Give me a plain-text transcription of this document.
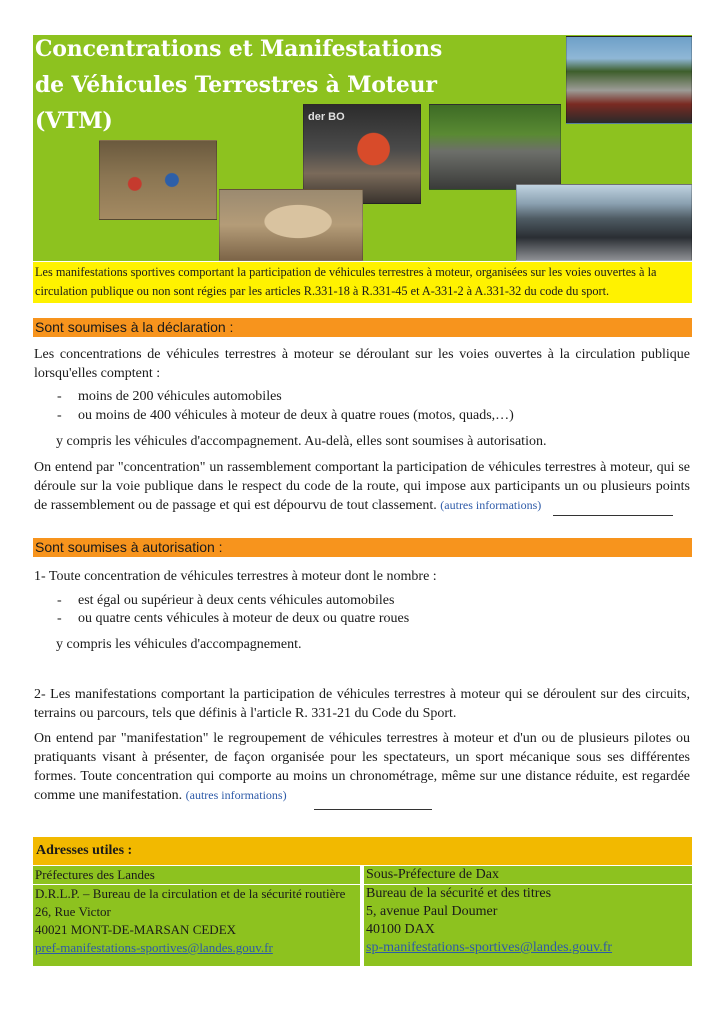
Concentrations et Manifestations
de Véhicules Terrestres à Moteur
(VTM)	der BO
Les manifestations sportives comportant la participation de véhicules terrestres à moteur, organisées sur les voies ouvertes à la circulation publique ou non sont régies par les articles R.331-18 à R.331-45 et A-331-2 à A.331-32 du code du sport.
Sont soumises à la déclaration :
Les concentrations de véhicules terrestres à moteur se déroulant sur les voies ouvertes à la circulation publique lorsqu'elles comptent :
- moins de 200 véhicules automobiles
- ou moins de 400 véhicules à moteur de deux à quatre roues (motos, quads,…)
y compris les véhicules d'accompagnement. Au-delà, elles sont soumises à autorisation.
On entend par "concentration" un rassemblement comportant la participation de véhicules terrestres à moteur, qui se déroule sur la voie publique dans le respect du code de la route, qui impose aux participants un ou plusieurs points de rassemblement ou de passage et qui est dépourvu de tout classement. (autres informations)
Sont soumises à autorisation :
1- Toute concentration de véhicules terrestres à moteur dont le nombre :
- est égal ou supérieur à deux cents véhicules automobiles
- ou quatre cents véhicules à moteur de deux ou quatre roues
y compris les véhicules d'accompagnement.
2- Les manifestations comportant la participation de véhicules terrestres à moteur qui se déroulent sur des circuits, terrains ou parcours, tels que définis à l'article R. 331-21 du Code du Sport.
On entend par "manifestation" le regroupement de véhicules terrestres à moteur et d'un ou de plusieurs pilotes ou pratiquants visant à présenter, de façon organisée pour les spectateurs, un sport mécanique sous ses différentes formes. Toute concentration qui comporte au moins un chronométrage, même sur une distance réduite, est regardée comme une manifestation. (autres informations)
Adresses utiles :
Préfectures des Landes
D.R.L.P. – Bureau de la circulation et de la sécurité routière
26, Rue Victor
40021 MONT-DE-MARSAN CEDEX
pref-manifestations-sportives@landes.gouv.fr
Sous-Préfecture de Dax
Bureau de la sécurité et des titres
5, avenue Paul Doumer
40100 DAX
sp-manifestations-sportives@landes.gouv.fr
